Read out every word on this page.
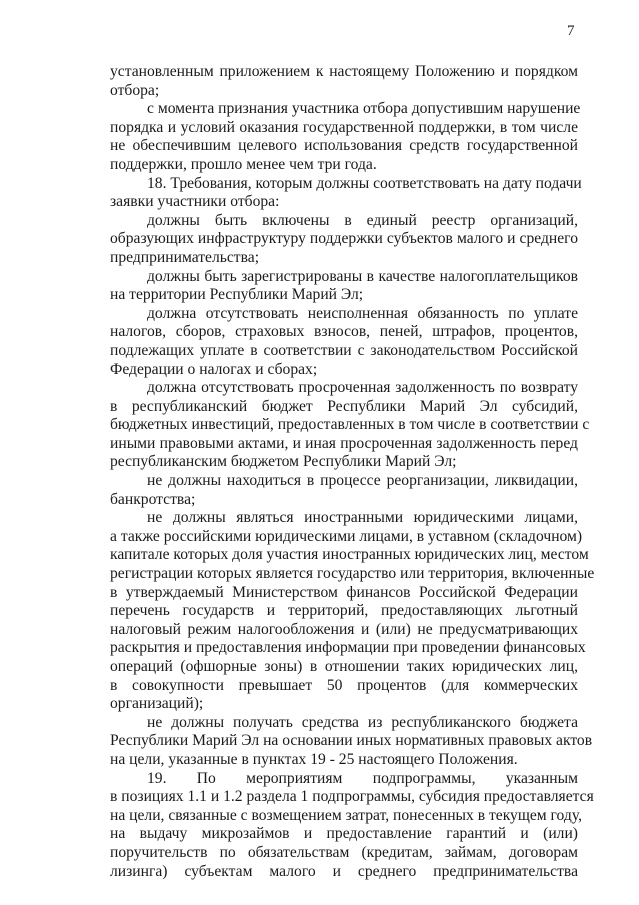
7
установленным приложением к настоящему Положению и порядком
отбора;
с момента признания участника отбора допустившим нарушение
порядка и условий оказания государственной поддержки, в том числе
не обеспечившим целевого использования средств государственной
поддержки, прошло менее чем три года.
18. Требования, которым должны соответствовать на дату подачи
заявки участники отбора:
должны быть включены в единый реестр организаций,
образующих инфраструктуру поддержки субъектов малого и среднего
предпринимательства;
должны быть зарегистрированы в качестве налогоплательщиков
на территории Республики Марий Эл;
должна отсутствовать неисполненная обязанность по уплате
налогов, сборов, страховых взносов, пеней, штрафов, процентов,
подлежащих уплате в соответствии с законодательством Российской
Федерации о налогах и сборах;
должна отсутствовать просроченная задолженность по возврату
в республиканский бюджет Республики Марий Эл субсидий,
бюджетных инвестиций, предоставленных в том числе в соответствии с
иными правовыми актами, и иная просроченная задолженность перед
республиканским бюджетом Республики Марий Эл;
не должны находиться в процессе реорганизации, ликвидации,
банкротства;
не должны являться иностранными юридическими лицами,
а также российскими юридическими лицами, в уставном (складочном)
капитале которых доля участия иностранных юридических лиц, местом
регистрации которых является государство или территория, включенные
в утверждаемый Министерством финансов Российской Федерации
перечень государств и территорий, предоставляющих льготный
налоговый режим налогообложения и (или) не предусматривающих
раскрытия и предоставления информации при проведении финансовых
операций (офшорные зоны) в отношении таких юридических лиц,
в совокупности превышает 50 процентов (для коммерческих
организаций);
не должны получать средства из республиканского бюджета
Республики Марий Эл на основании иных нормативных правовых актов
на цели, указанные в пунктах 19 - 25 настоящего Положения.
19. По мероприятиям подпрограммы, указанным
в позициях 1.1 и 1.2 раздела 1 подпрограммы, субсидия предоставляется
на цели, связанные с возмещением затрат, понесенных в текущем году,
на выдачу микрозаймов и предоставление гарантий и (или)
поручительств по обязательствам (кредитам, займам, договорам
лизинга) субъектам малого и среднего предпринимательства
